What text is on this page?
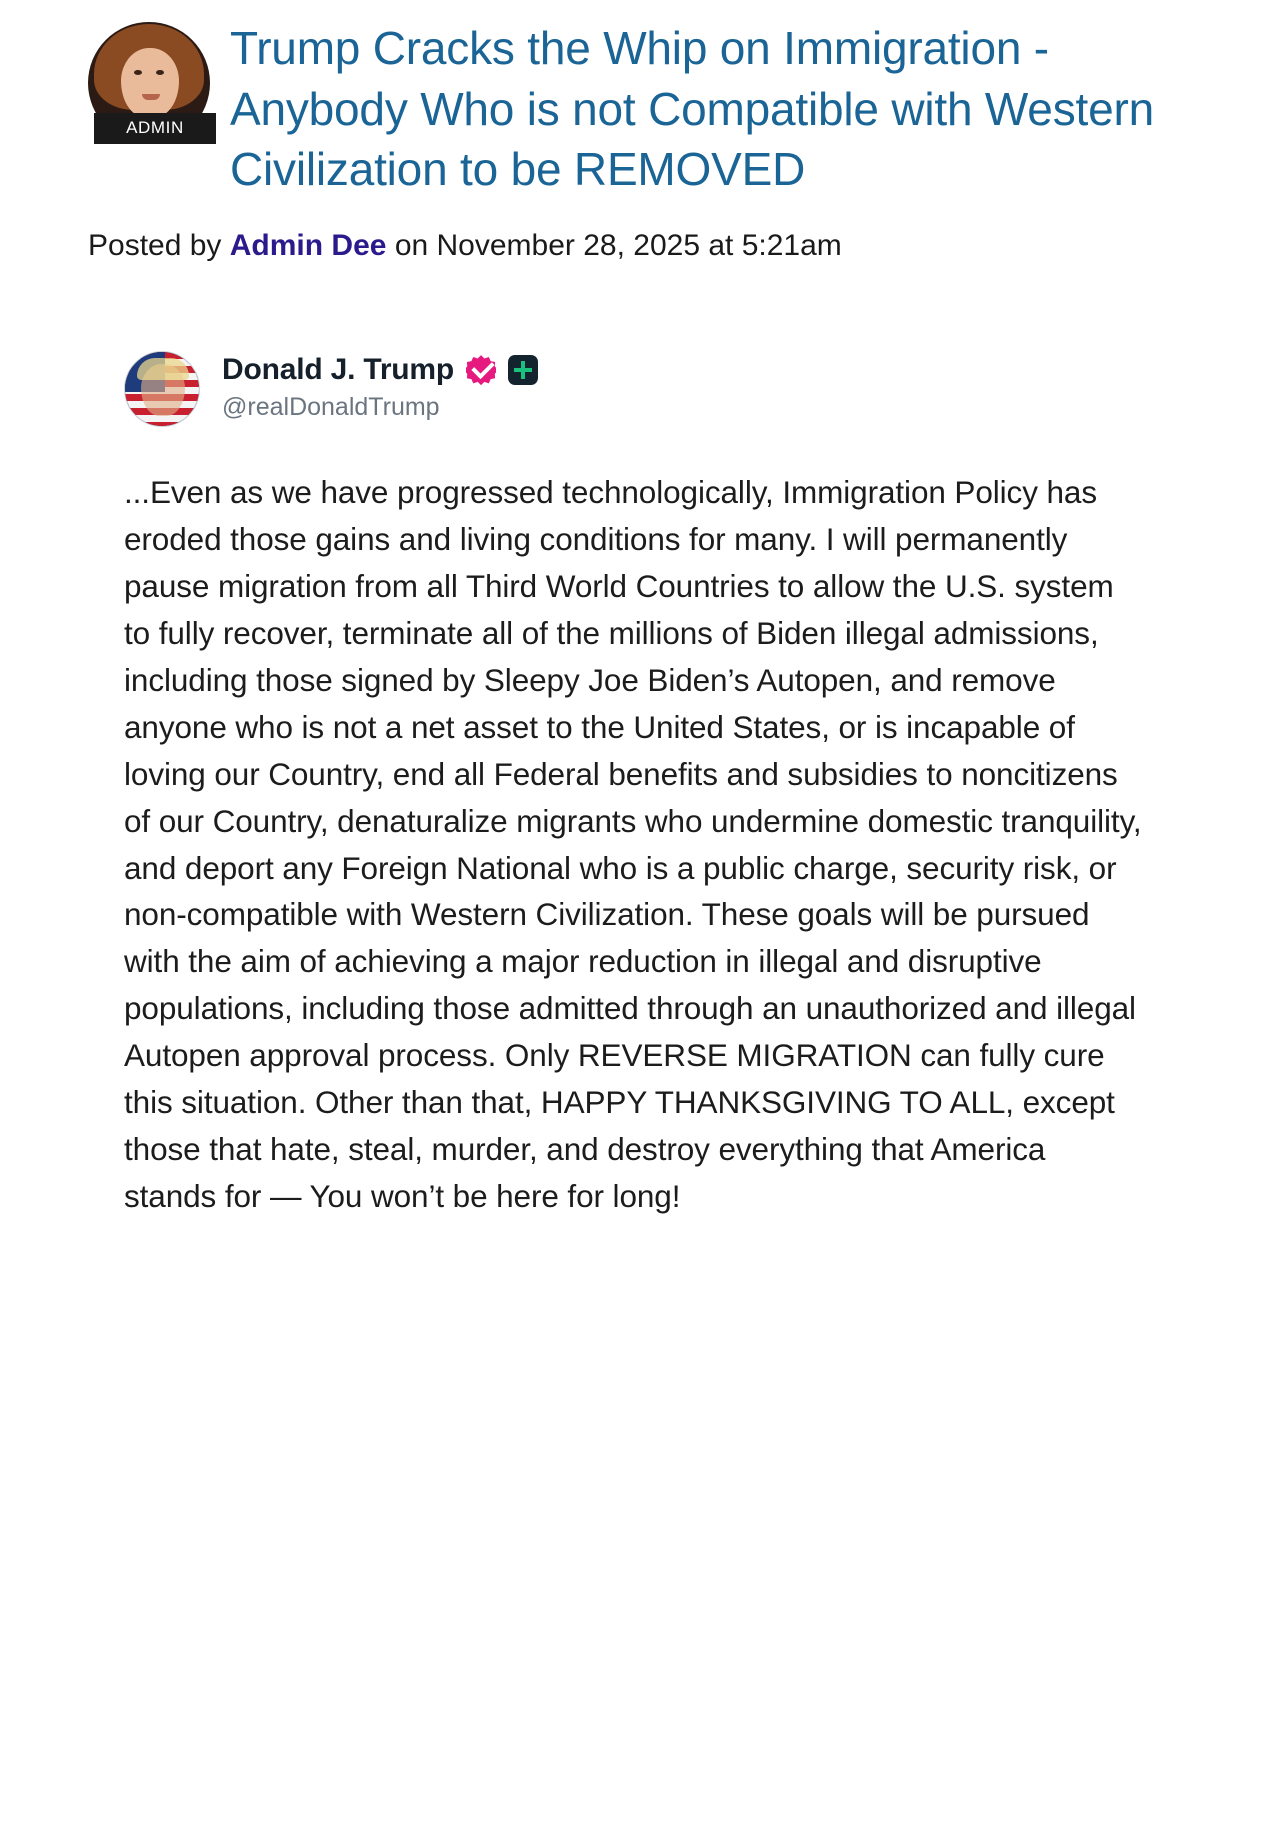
ADMIN
Trump Cracks the Whip on Immigration - Anybody Who is not Compatible with Western Civilization to be REMOVED
Posted by Admin Dee on November 28, 2025 at 5:21am
Donald J. Trump
@realDonaldTrump
...Even as we have progressed technologically, Immigration Policy has eroded those gains and living conditions for many. I will permanently pause migration from all Third World Countries to allow the U.S. system to fully recover, terminate all of the millions of Biden illegal admissions, including those signed by Sleepy Joe Biden’s Autopen, and remove anyone who is not a net asset to the United States, or is incapable of loving our Country, end all Federal benefits and subsidies to noncitizens of our Country, denaturalize migrants who undermine domestic tranquility, and deport any Foreign National who is a public charge, security risk, or non-compatible with Western Civilization. These goals will be pursued with the aim of achieving a major reduction in illegal and disruptive populations, including those admitted through an unauthorized and illegal Autopen approval process. Only REVERSE MIGRATION can fully cure this situation. Other than that, HAPPY THANKSGIVING TO ALL, except those that hate, steal, murder, and destroy everything that America stands for — You won’t be here for long!
